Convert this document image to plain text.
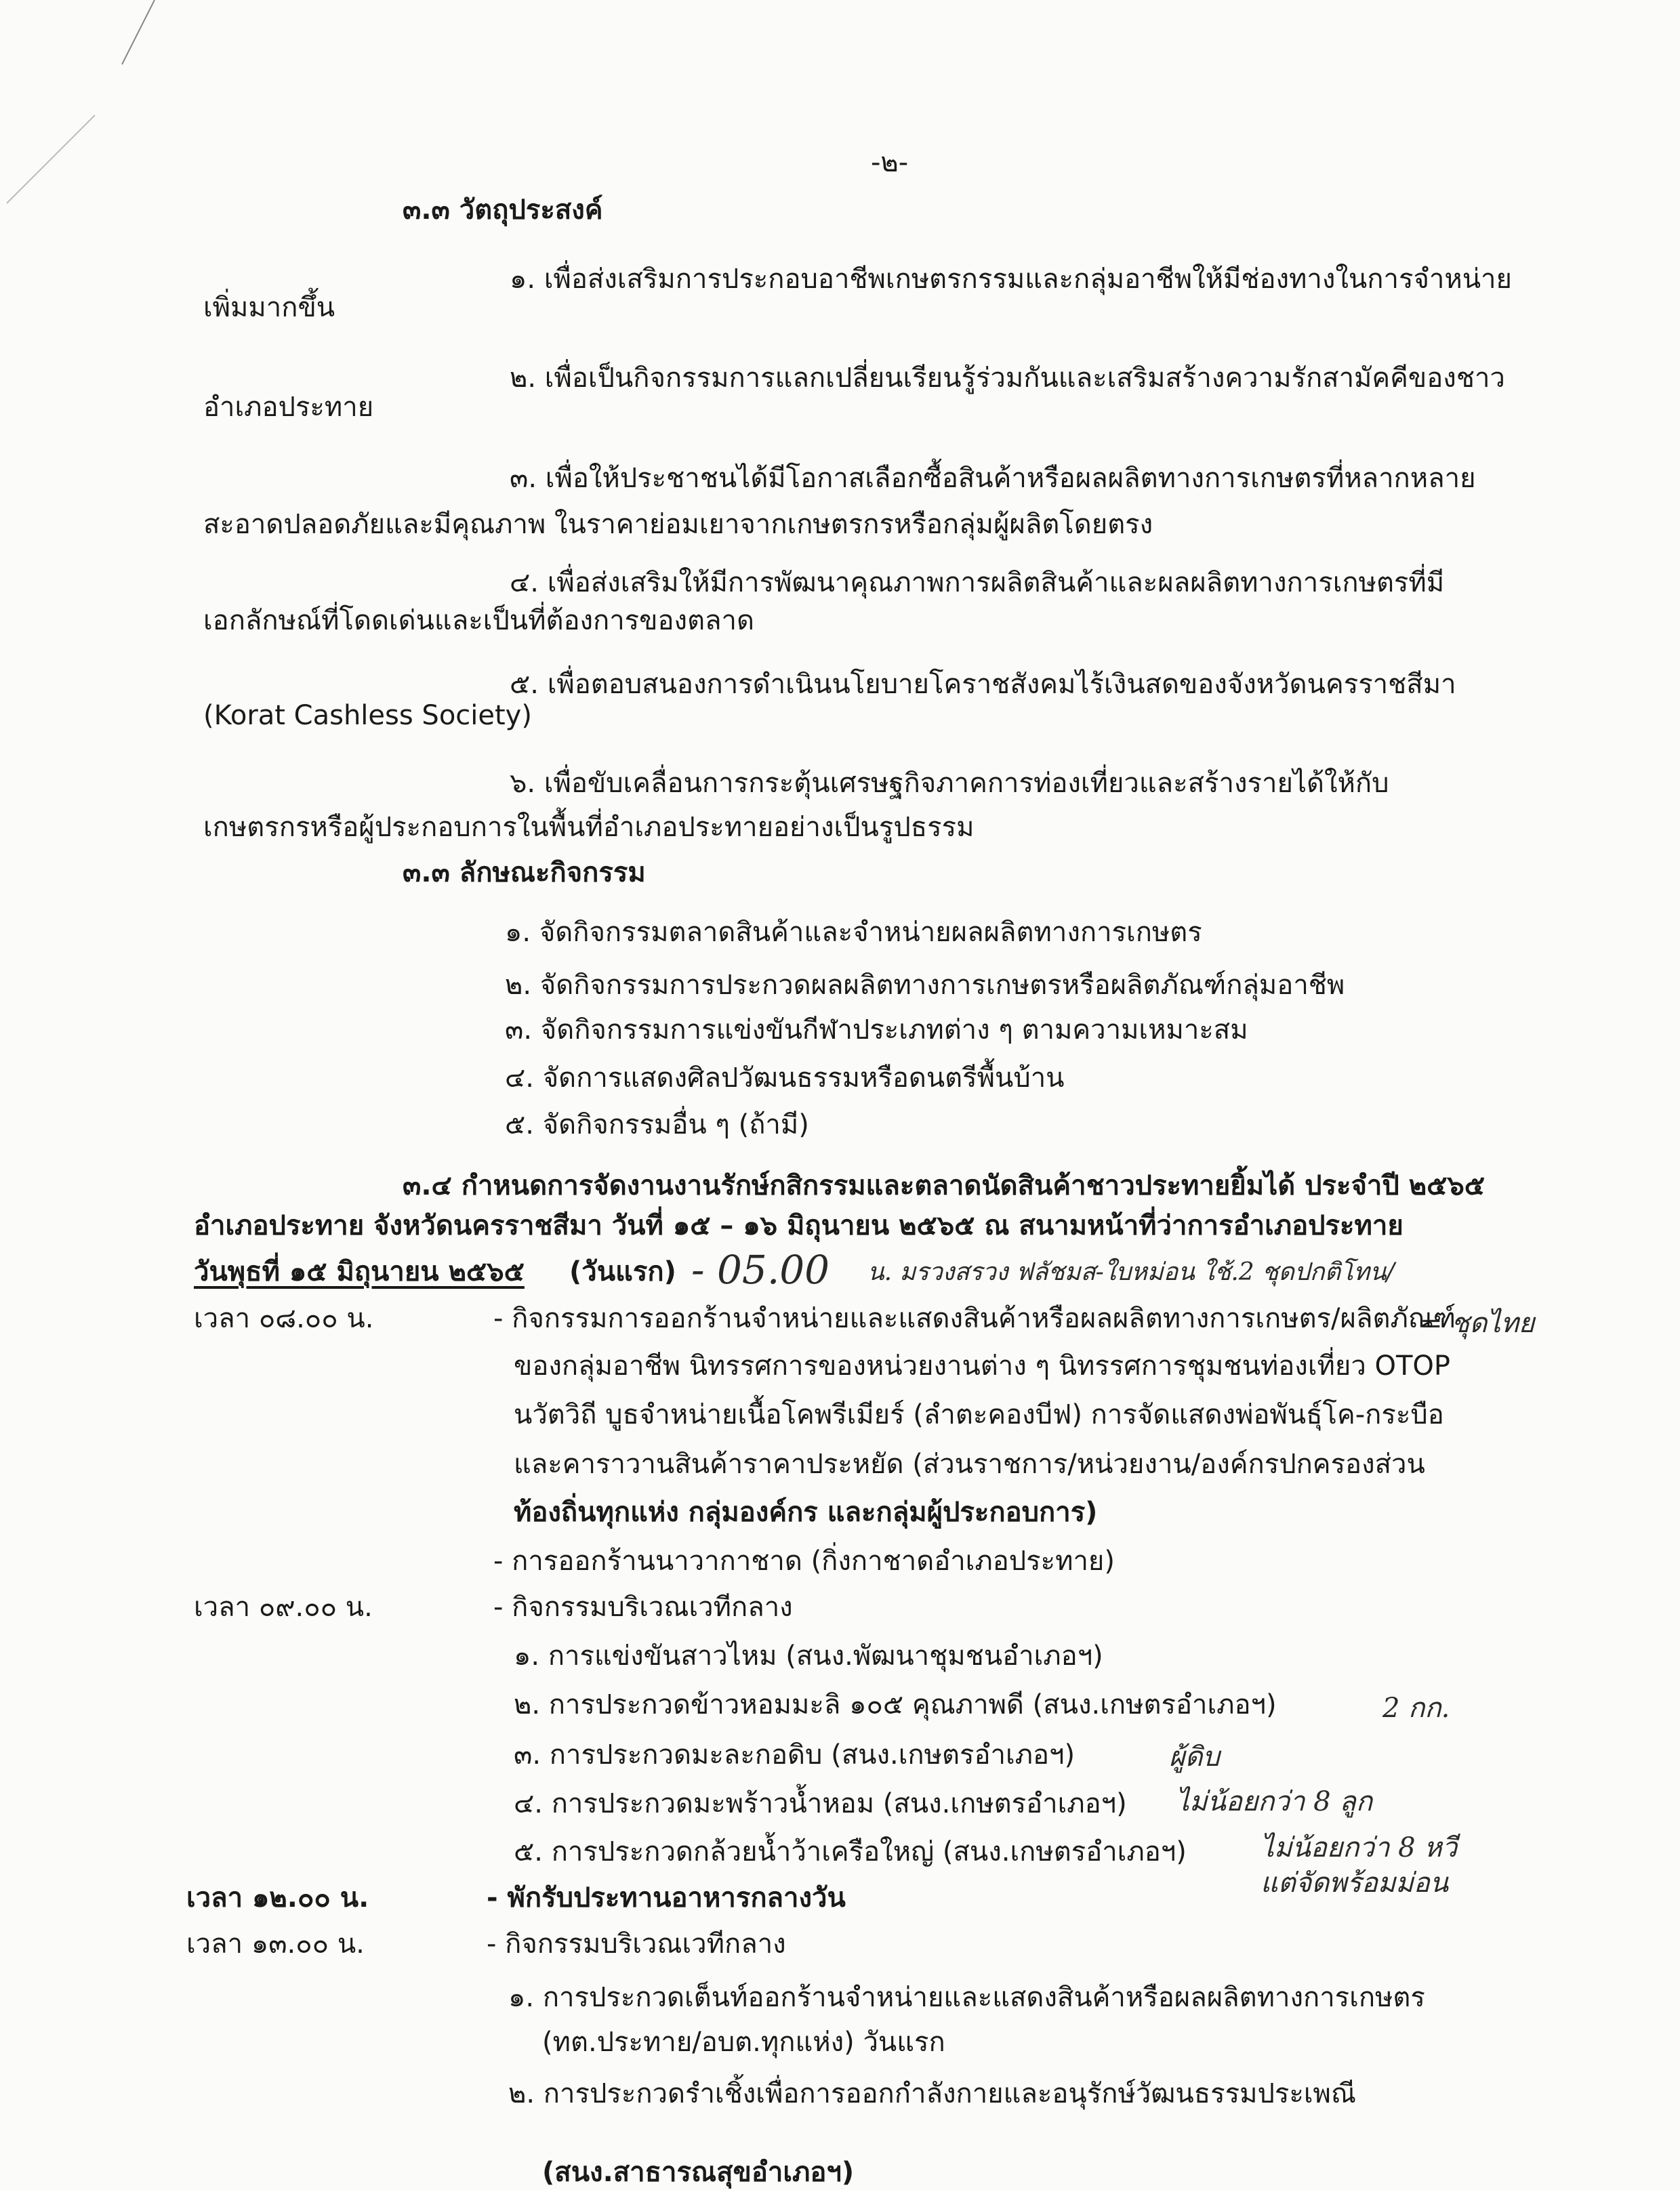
-๒-
๓.๓ วัตถุประสงค์
๑. เพื่อส่งเสริมการประกอบอาชีพเกษตรกรรมและกลุ่มอาชีพให้มีช่องทางในการจำหน่าย
เพิ่มมากขึ้น
๒. เพื่อเป็นกิจกรรมการแลกเปลี่ยนเรียนรู้ร่วมกันและเสริมสร้างความรักสามัคคีของชาว
อำเภอประทาย
๓. เพื่อให้ประชาชนได้มีโอกาสเลือกซื้อสินค้าหรือผลผลิตทางการเกษตรที่หลากหลาย
สะอาดปลอดภัยและมีคุณภาพ ในราคาย่อมเยาจากเกษตรกรหรือกลุ่มผู้ผลิตโดยตรง
๔. เพื่อส่งเสริมให้มีการพัฒนาคุณภาพการผลิตสินค้าและผลผลิตทางการเกษตรที่มี
เอกลักษณ์ที่โดดเด่นและเป็นที่ต้องการของตลาด
๕. เพื่อตอบสนองการดำเนินนโยบายโคราชสังคมไร้เงินสดของจังหวัดนครราชสีมา
(Korat Cashless Society)
๖. เพื่อขับเคลื่อนการกระตุ้นเศรษฐกิจภาคการท่องเที่ยวและสร้างรายได้ให้กับ
เกษตรกรหรือผู้ประกอบการในพื้นที่อำเภอประทายอย่างเป็นรูปธรรม
๓.๓ ลักษณะกิจกรรม
๑. จัดกิจกรรมตลาดสินค้าและจำหน่ายผลผลิตทางการเกษตร
๒. จัดกิจกรรมการประกวดผลผลิตทางการเกษตรหรือผลิตภัณฑ์กลุ่มอาชีพ
๓. จัดกิจกรรมการแข่งขันกีฬาประเภทต่าง ๆ ตามความเหมาะสม
๔. จัดการแสดงศิลปวัฒนธรรมหรือดนตรีพื้นบ้าน
๕. จัดกิจกรรมอื่น ๆ (ถ้ามี)
๓.๔ กำหนดการจัดงานงานรักษ์กสิกรรมและตลาดนัดสินค้าชาวประทายยิ้มได้ ประจำปี ๒๕๖๕
อำเภอประทาย จังหวัดนครราชสีมา วันที่ ๑๕ – ๑๖ มิถุนายน ๒๕๖๕ ณ สนามหน้าที่ว่าการอำเภอประทาย
วันพุธที่ ๑๕ มิถุนายน ๒๕๖๕ (วันแรก) - 05.00 น. มรวงสรวง ฟลัชมส-ใบหม่อน ใช้.2 ชุดปกติโทน/
= ชุดไทย
เวลา ๐๘.๐๐ น.	- กิจกรรมการออกร้านจำหน่ายและแสดงสินค้าหรือผลผลิตทางการเกษตร/ผลิตภัณฑ์
ของกลุ่มอาชีพ นิทรรศการของหน่วยงานต่าง ๆ นิทรรศการชุมชนท่องเที่ยว OTOP
นวัตวิถี บูธจำหน่ายเนื้อโคพรีเมียร์ (ลำตะคองบีฟ) การจัดแสดงพ่อพันธุ์โค-กระบือ
และคาราวานสินค้าราคาประหยัด (ส่วนราชการ/หน่วยงาน/องค์กรปกครองส่วน
ท้องถิ่นทุกแห่ง กลุ่มองค์กร และกลุ่มผู้ประกอบการ)
- การออกร้านนาวากาชาด (กิ่งกาชาดอำเภอประทาย)
เวลา ๐๙.๐๐ น.	- กิจกรรมบริเวณเวทีกลาง
๑. การแข่งขันสาวไหม (สนง.พัฒนาชุมชนอำเภอฯ)
๒. การประกวดข้าวหอมมะลิ ๑๐๕ คุณภาพดี (สนง.เกษตรอำเภอฯ)	2 กก.
๓. การประกวดมะละกอดิบ (สนง.เกษตรอำเภอฯ)	ผู้ดิบ
๔. การประกวดมะพร้าวน้ำหอม (สนง.เกษตรอำเภอฯ) ไม่น้อยกว่า 8 ลูก
๕. การประกวดกล้วยน้ำว้าเครือใหญ่ (สนง.เกษตรอำเภอฯ)	ไม่น้อยกว่า 8 หวี
แต่จัดพร้อมม่อน
เวลา ๑๒.๐๐ น.	- พักรับประทานอาหารกลางวัน
เวลา ๑๓.๐๐ น.	- กิจกรรมบริเวณเวทีกลาง
๑. การประกวดเต็นท์ออกร้านจำหน่ายและแสดงสินค้าหรือผลผลิตทางการเกษตร
(ทต.ประทาย/อบต.ทุกแห่ง) วันแรก
๒. การประกวดรำเชิ้งเพื่อการออกกำลังกายและอนุรักษ์วัฒนธรรมประเพณี
(สนง.สาธารณสุขอำเภอฯ)
